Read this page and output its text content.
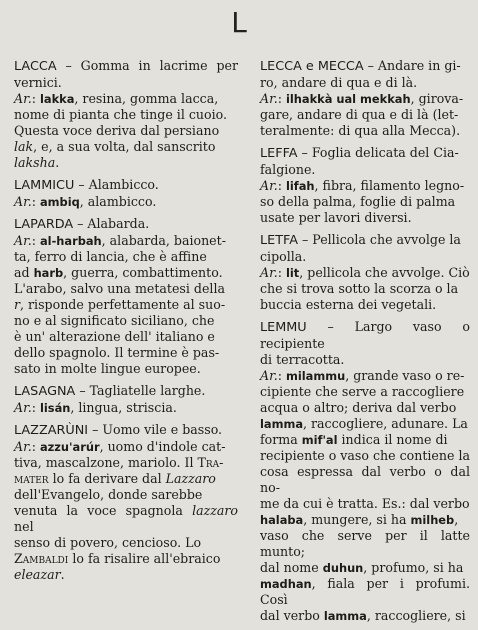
L
LACCA – Gomma in lacrime per vernici.
Ar.: lakka, resina, gomma lacca,
nome di pianta che tinge il cuoio.
Questa voce deriva dal persiano
lak, e, a sua volta, dal sanscrito
laksha.
LAMMICU – Alambicco.
Ar.: ambiq, alambicco.
LAPARDA – Alabarda.
Ar.: al-harbah, alabarda, baionet-
ta, ferro di lancia, che è affine
ad harb, guerra, combattimento.
L'arabo, salvo una metatesi della
r, risponde perfettamente al suo-
no e al significato siciliano, che
è un' alterazione dell' italiano e
dello spagnolo. Il termine è pas-
sato in molte lingue europee.
LASAGNA – Tagliatelle larghe.
Ar.: lisán, lingua, striscia.
LAZZARÙNI – Uomo vile e basso.
Ar.: azzu'arúr, uomo d'indole cat-
tiva, mascalzone, mariolo. Il Tra-
mater lo fa derivare dal Lazzaro
dell'Evangelo, donde sarebbe
venuta la voce spagnola lazzaro nel
senso di povero, cencioso. Lo
Zambaldi lo fa risalire all'ebraico
eleazar.
LECCA e MECCA – Andare in gi-
ro, andare di qua e di là.
Ar.: ilhakkà ual mekkah, girova-
gare, andare di qua e di là (let-
teralmente: di qua alla Mecca).
LEFFA – Foglia delicata del Cia-
falgione.
Ar.: lifah, fibra, filamento legno-
so della palma, foglie di palma
usate per lavori diversi.
LETFA – Pellicola che avvolge la
cipolla.
Ar.: lit, pellicola che avvolge. Ciò
che si trova sotto la scorza o la
buccia esterna dei vegetali.
LEMMU – Largo vaso o recipiente
di terracotta.
Ar.: milammu, grande vaso o re-
cipiente che serve a raccogliere
acqua o altro; deriva dal verbo
lamma, raccogliere, adunare. La
forma mif'al indica il nome di
recipiente o vaso che contiene la
cosa espressa dal verbo o dal no-
me da cui è tratta. Es.: dal verbo
halaba, mungere, si ha milheb,
vaso che serve per il latte munto;
dal nome duhun, profumo, si ha
madhan, fiala per i profumi. Così
dal verbo lamma, raccogliere, si
